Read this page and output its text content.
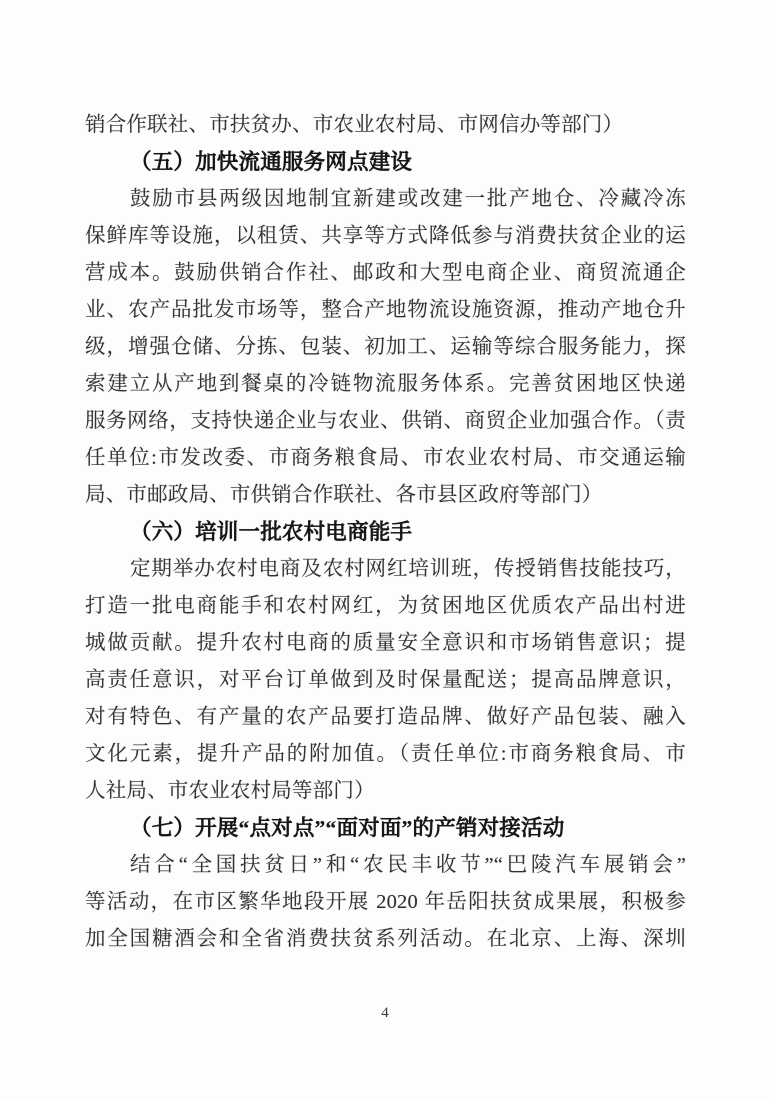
销合作联社、市扶贫办、市农业农村局、市网信办等部门）
（五）加快流通服务网点建设
鼓励市县两级因地制宜新建或改建一批产地仓、冷藏冷冻
保鲜库等设施，以租赁、共享等方式降低参与消费扶贫企业的运
营成本。鼓励供销合作社、邮政和大型电商企业、商贸流通企
业、农产品批发市场等，整合产地物流设施资源，推动产地仓升
级，增强仓储、分拣、包装、初加工、运输等综合服务能力，探
索建立从产地到餐桌的冷链物流服务体系。完善贫困地区快递
服务网络，支持快递企业与农业、供销、商贸企业加强合作。（责
任单位:市发改委、市商务粮食局、市农业农村局、市交通运输
局、市邮政局、市供销合作联社、各市县区政府等部门）
（六）培训一批农村电商能手
定期举办农村电商及农村网红培训班，传授销售技能技巧，
打造一批电商能手和农村网红，为贫困地区优质农产品出村进
城做贡献。提升农村电商的质量安全意识和市场销售意识；提
高责任意识，对平台订单做到及时保量配送；提高品牌意识，
对有特色、有产量的农产品要打造品牌、做好产品包装、融入
文化元素，提升产品的附加值。（责任单位:市商务粮食局、市
人社局、市农业农村局等部门）
（七）开展“点对点”“面对面”的产销对接活动
结合“全国扶贫日”和“农民丰收节”“巴陵汽车展销会”
等活动，在市区繁华地段开展 2020 年岳阳扶贫成果展，积极参
加全国糖酒会和全省消费扶贫系列活动。在北京、上海、深圳
4
